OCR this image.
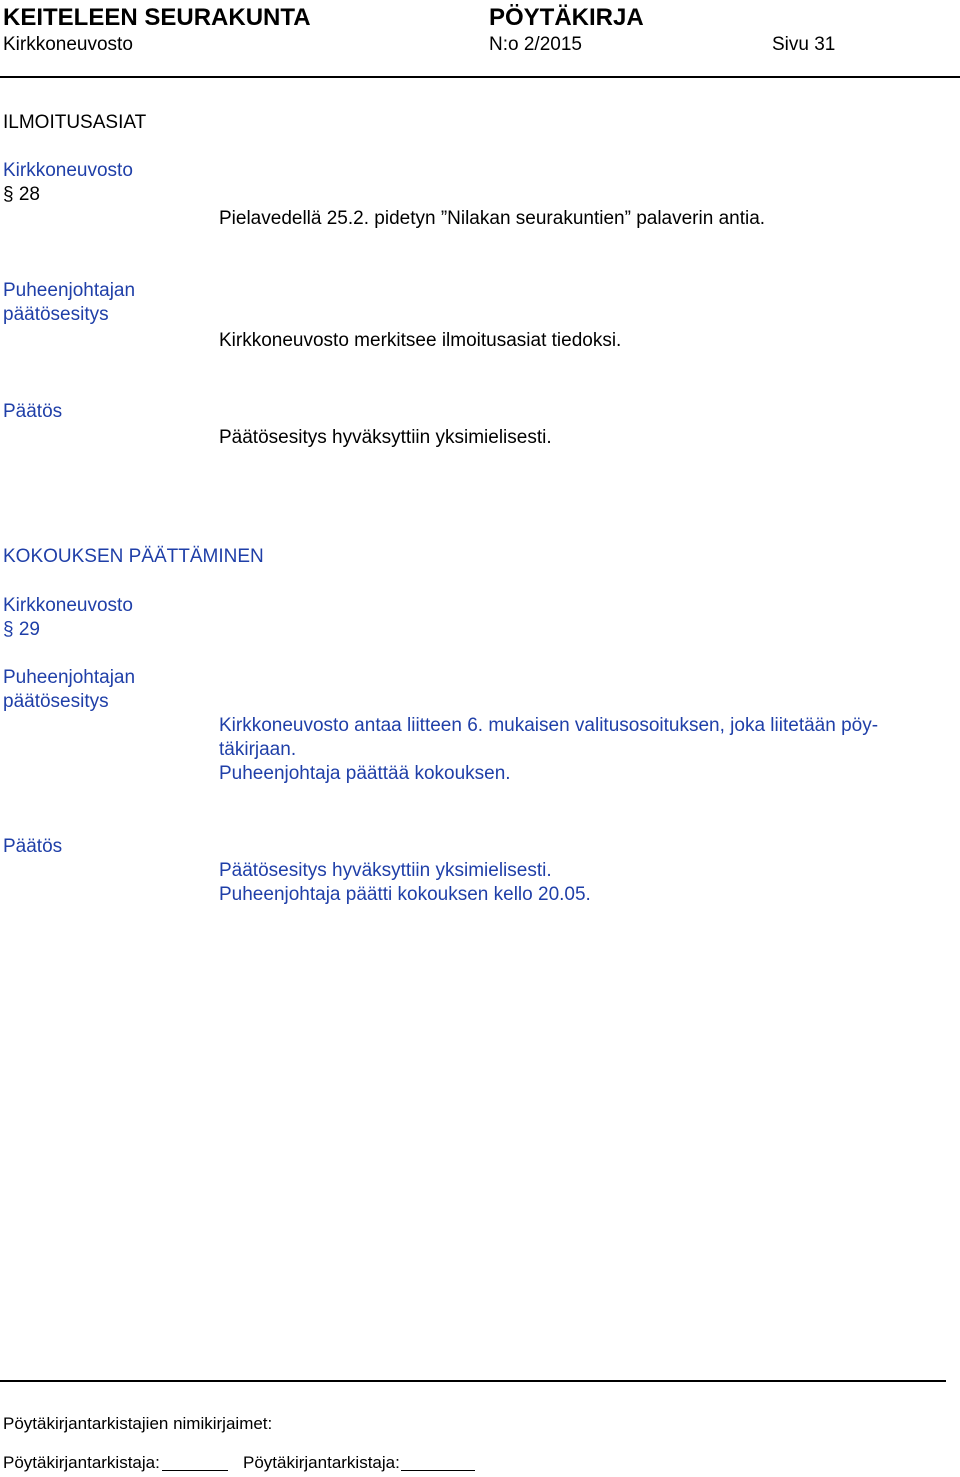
KEITELEEN SEURAKUNTA	PÖYTÄKIRJA
Kirkkoneuvosto	N:o 2/2015	Sivu 31
ILMOITUSASIAT
Kirkkoneuvosto
§ 28
Pielavedellä 25.2. pidetyn ”Nilakan seurakuntien” palaverin antia.
Puheenjohtajan
päätösesitys
Kirkkoneuvosto merkitsee ilmoitusasiat tiedoksi.
Päätös
Päätösesitys hyväksyttiin yksimielisesti.
KOKOUKSEN PÄÄTTÄMINEN
Kirkkoneuvosto
§ 29
Puheenjohtajan
päätösesitys
Kirkkoneuvosto antaa liitteen 6. mukaisen valitusosoituksen, joka liitetään pöy-
täkirjaan.
Puheenjohtaja päättää kokouksen.
Päätös
Päätösesitys hyväksyttiin yksimielisesti.
Puheenjohtaja päätti kokouksen kello 20.05.
Pöytäkirjantarkistajien nimikirjaimet:
Pöytäkirjantarkistaja:	Pöytäkirjantarkistaja:
